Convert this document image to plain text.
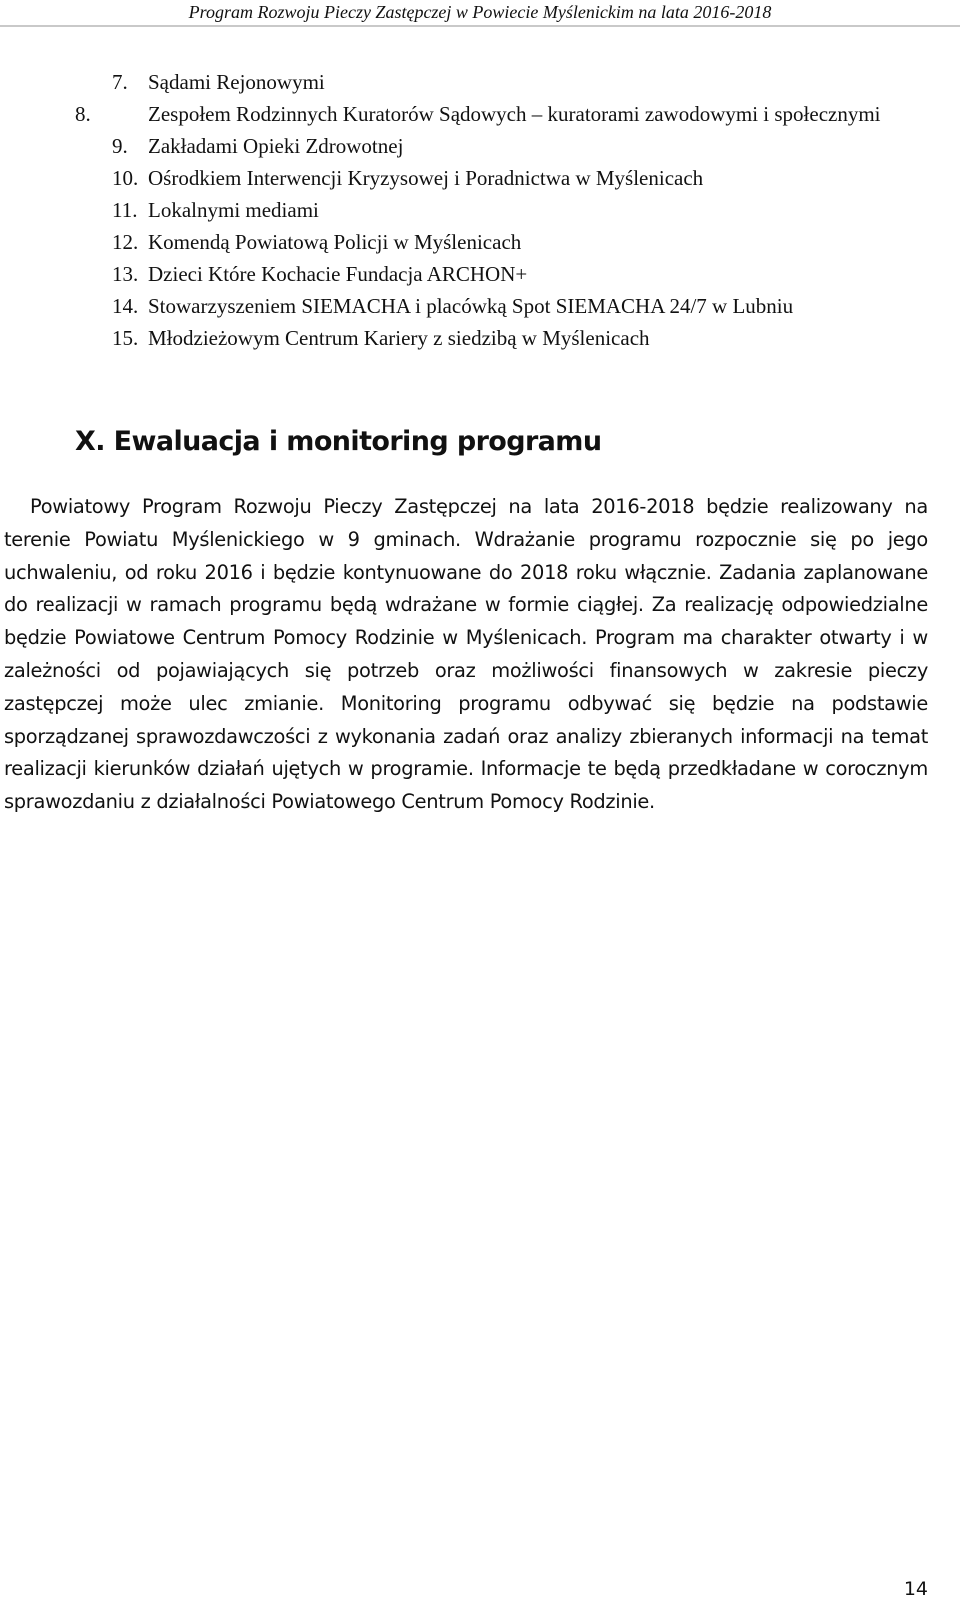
Program Rozwoju Pieczy Zastępczej w Powiecie Myślenickim na lata 2016-2018
7. Sądami Rejonowymi
8.	Zespołem Rodzinnych Kuratorów Sądowych – kuratorami zawodowymi i społecznymi
9. Zakładami Opieki Zdrowotnej
10. Ośrodkiem Interwencji Kryzysowej i Poradnictwa w Myślenicach
11. Lokalnymi mediami
12. Komendą Powiatową Policji w Myślenicach
13. Dzieci Które Kochacie Fundacja ARCHON+
14. Stowarzyszeniem SIEMACHA i placówką Spot SIEMACHA 24/7 w Lubniu
15. Młodzieżowym Centrum Kariery z siedzibą w Myślenicach
X. Ewaluacja i monitoring programu

Powiatowy Program Rozwoju Pieczy Zastępczej na lata 2016-2018 będzie realizowany na terenie Powiatu Myślenickiego w 9 gminach. Wdrażanie programu rozpocznie się po jego uchwaleniu, od roku 2016 i będzie kontynuowane do 2018 roku włącznie. Zadania zaplanowane do realizacji w ramach programu będą wdrażane w formie ciągłej. Za realizację odpowiedzialne będzie Powiatowe Centrum Pomocy Rodzinie w Myślenicach. Program ma charakter otwarty i w zależności od pojawiających się potrzeb oraz możliwości finansowych w zakresie pieczy zastępczej może ulec zmianie. Monitoring programu odbywać się będzie na podstawie sporządzanej sprawozdawczości z wykonania zadań oraz analizy zbieranych informacji na temat realizacji kierunków działań ujętych w programie. Informacje te będą przedkładane w corocznym sprawozdaniu z działalności Powiatowego Centrum Pomocy Rodzinie.

14
